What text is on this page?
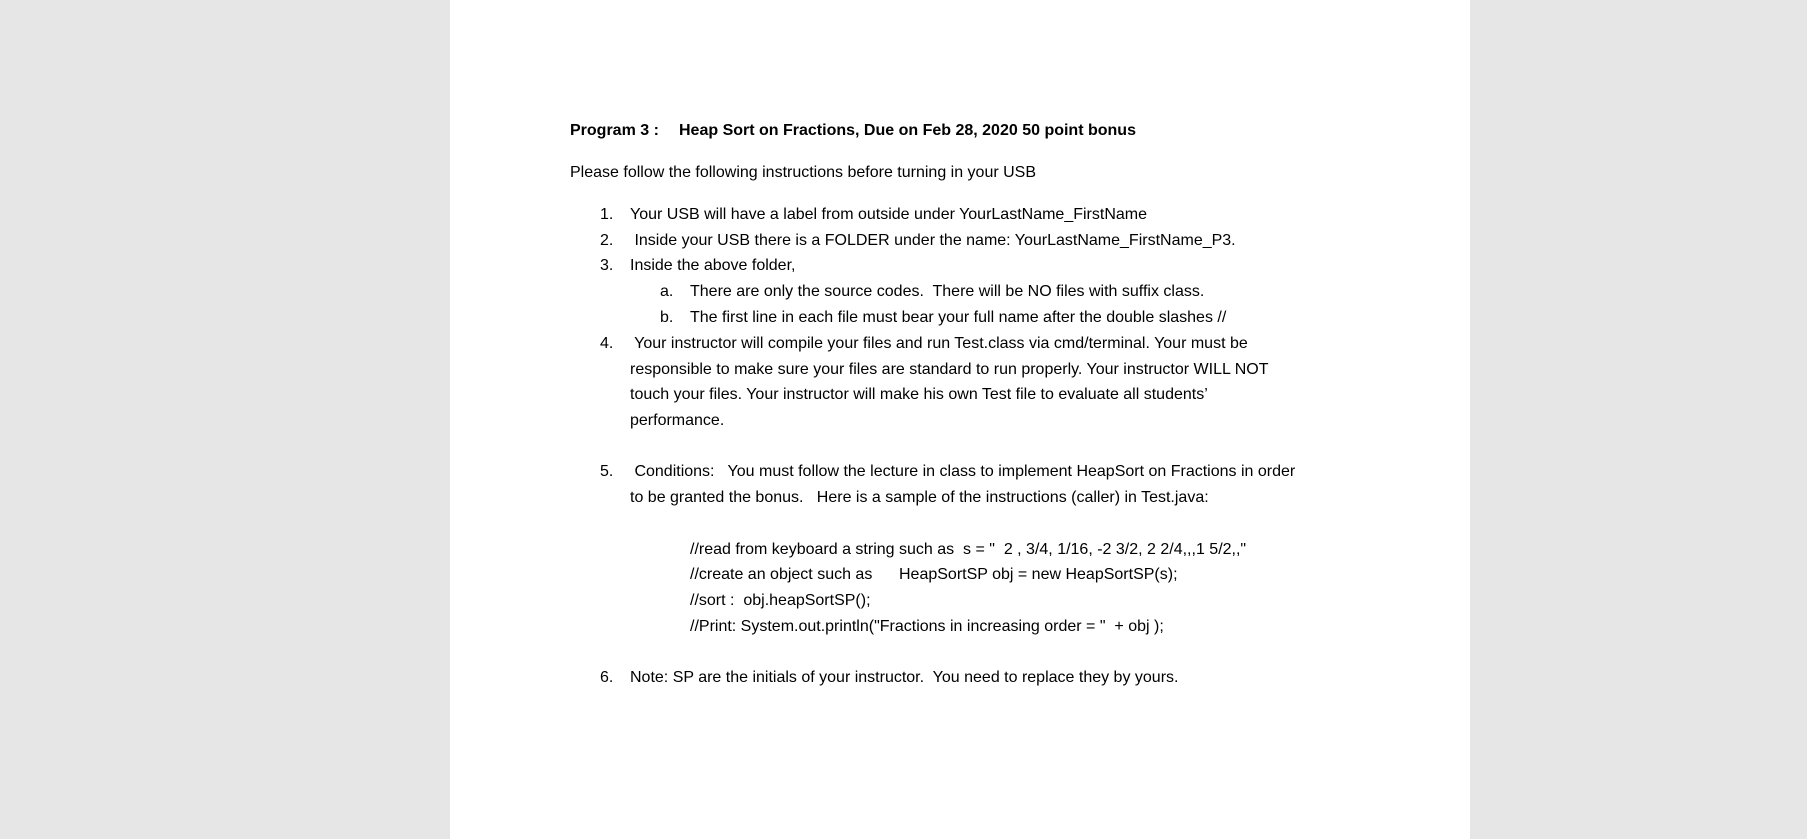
Program 3 : Heap Sort on Fractions, Due on Feb 28, 2020 50 point bonus
Please follow the following instructions before turning in your USB
1. Your USB will have a label from outside under YourLastName_FirstName
2. Inside your USB there is a FOLDER under the name: YourLastName_FirstName_P3.
3. Inside the above folder,
a. There are only the source codes.  There will be NO files with suffix class.
b. The first line in each file must bear your full name after the double slashes //
4. Your instructor will compile your files and run Test.class via cmd/terminal. Your must be
responsible to make sure your files are standard to run properly. Your instructor WILL NOT
touch your files. Your instructor will make his own Test file to evaluate all students’
performance.
5. Conditions:   You must follow the lecture in class to implement HeapSort on Fractions in order
to be granted the bonus.   Here is a sample of the instructions (caller) in Test.java:
//read from keyboard a string such as  s = "  2 , 3/4, 1/16, -2 3/2, 2 2/4,,,1 5/2,,"
//create an object such as      HeapSortSP obj = new HeapSortSP(s);
//sort :  obj.heapSortSP();
//Print: System.out.println("Fractions in increasing order = "  + obj );
6. Note: SP are the initials of your instructor.  You need to replace they by yours.
